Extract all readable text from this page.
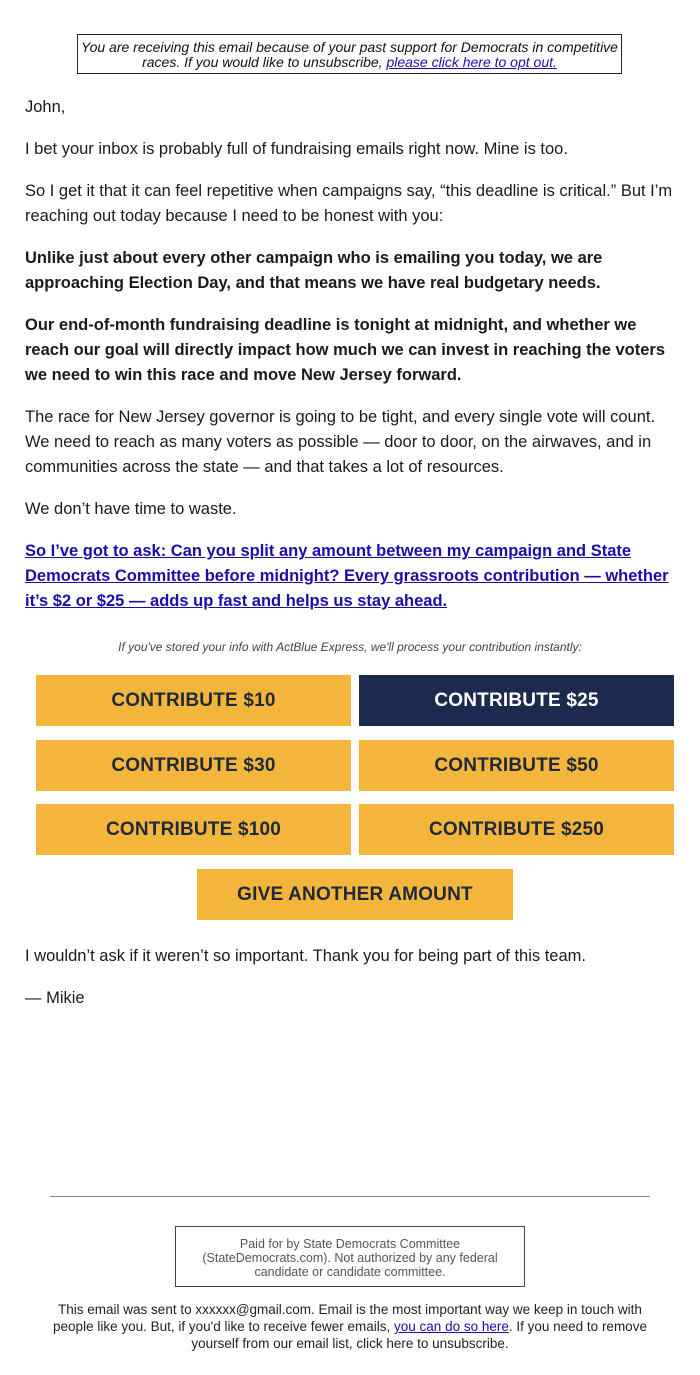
You are receiving this email because of your past support for Democrats in competitive races. If you would like to unsubscribe, please click here to opt out.

John,

I bet your inbox is probably full of fundraising emails right now. Mine is too.

So I get it that it can feel repetitive when campaigns say, “this deadline is critical.” But I’m reaching out today because I need to be honest with you:

Unlike just about every other campaign who is emailing you today, we are approaching Election Day, and that means we have real budgetary needs.

Our end-of-month fundraising deadline is tonight at midnight, and whether we reach our goal will directly impact how much we can invest in reaching the voters we need to win this race and move New Jersey forward.

The race for New Jersey governor is going to be tight, and every single vote will count. We need to reach as many voters as possible — door to door, on the airwaves, and in communities across the state — and that takes a lot of resources.

We don’t have time to waste.

So I’ve got to ask: Can you split any amount between my campaign and State Democrats Committee before midnight? Every grassroots contribution — whether it’s $2 or $25 — adds up fast and helps us stay ahead.

If you've stored your info with ActBlue Express, we'll process your contribution instantly:
CONTRIBUTE $10	CONTRIBUTE $25
CONTRIBUTE $30	CONTRIBUTE $50
CONTRIBUTE $100	CONTRIBUTE $250
GIVE ANOTHER AMOUNT

I wouldn’t ask if it weren’t so important. Thank you for being part of this team.

— Mikie

Paid for by State Democrats Committee (StateDemocrats.com). Not authorized by any federal candidate or candidate committee.
This email was sent to xxxxxx@gmail.com. Email is the most important way we keep in touch with people like you. But, if you'd like to receive fewer emails, you can do so here. If you need to remove yourself from our email list, click here to unsubscribe.
